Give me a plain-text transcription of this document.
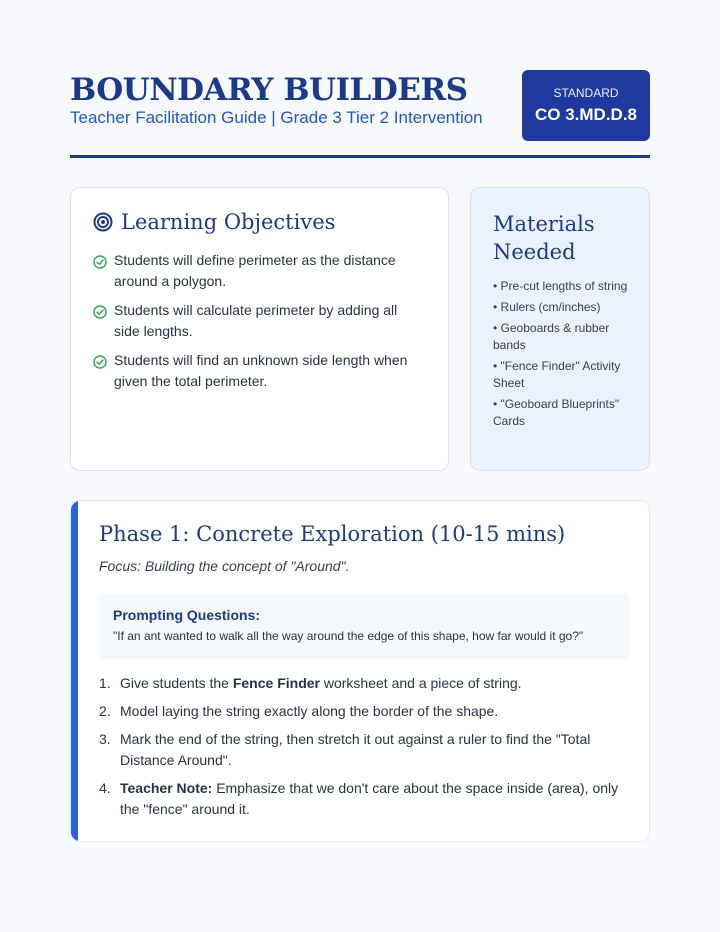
BOUNDARY BUILDERS
Teacher Facilitation Guide | Grade 3 Tier 2 Intervention
STANDARD
CO 3.MD.D.8
Learning Objectives
Students will define perimeter as the distance around a polygon.
Students will calculate perimeter by adding all side lengths.
Students will find an unknown side length when given the total perimeter.
Materials Needed
• Pre-cut lengths of string
• Rulers (cm/inches)
• Geoboards & rubber bands
• "Fence Finder" Activity Sheet
• "Geoboard Blueprints" Cards
Phase 1: Concrete Exploration (10-15 mins)
Focus: Building the concept of "Around".
Prompting Questions:
"If an ant wanted to walk all the way around the edge of this shape, how far would it go?"
1. Give students the Fence Finder worksheet and a piece of string.
2. Model laying the string exactly along the border of the shape.
3. Mark the end of the string, then stretch it out against a ruler to find the "Total Distance Around".
4. Teacher Note: Emphasize that we don't care about the space inside (area), only the "fence" around it.
